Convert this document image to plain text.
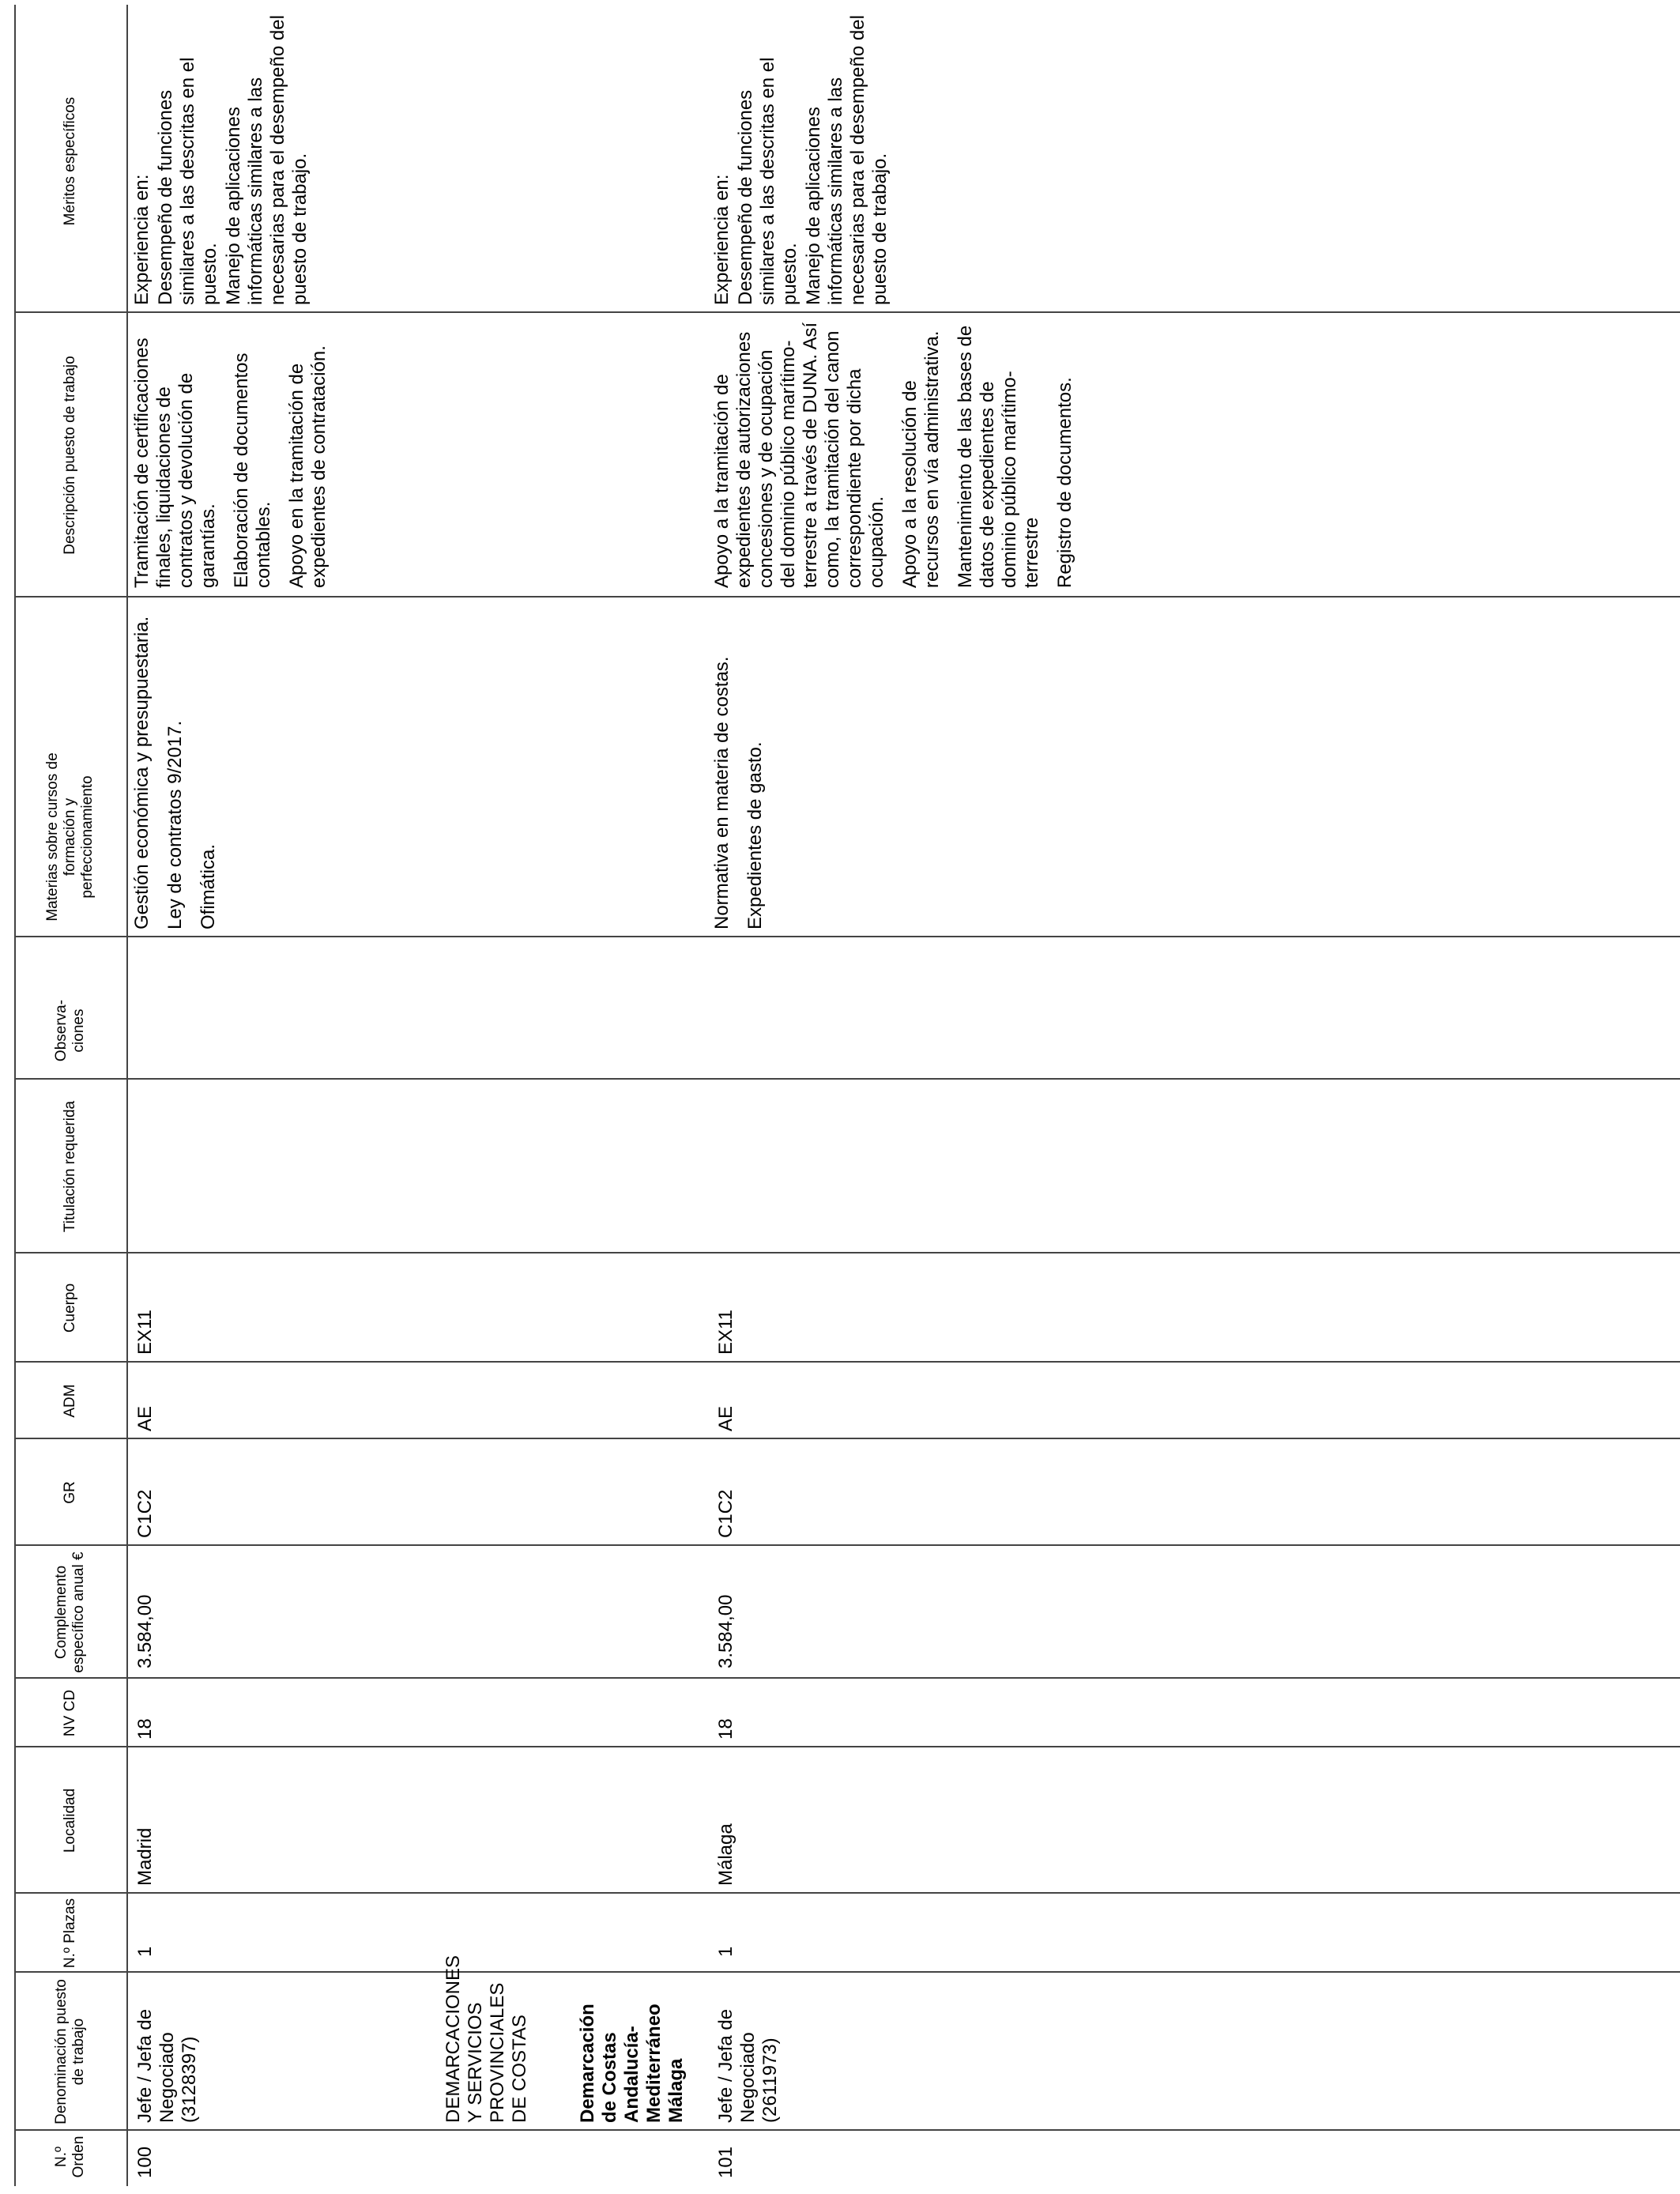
N.º Orden
Denominación puesto de trabajo
N.º Plazas
Localidad
NV CD
Complemento específico anual €
GR
ADM
Cuerpo
Titulación requerida
Observa-ciones
Materias sobre cursos de formación y perfeccionamiento
Descripción puesto de trabajo
Méritos específicos
100
Jefe / Jefa de Negociado (3128397)
1
Madrid
18
3.584,00
C1C2
AE
EX11

Gestión económica y presupuestaria. Ley de contratos 9/2017. Ofimática.

Tramitación de certificaciones finales, liquidaciones de contratos y devolución de garantías. Elaboración de documentos contables. Apoyo en la tramitación de expedientes de contratación.

Experiencia en: Desempeño de funciones similares a las descritas en el puesto. Manejo de aplicaciones informáticas similares a las necesarias para el desempeño del puesto de trabajo.

DEMARCACIONES Y SERVICIOS PROVINCIALES DE COSTAS Demarcación de Costas Andalucía-Mediterráneo Málaga
101
Jefe / Jefa de Negociado (2611973)
1
Málaga
18
3.584,00
C1C2
AE
EX11

Normativa en materia de costas. Expedientes de gasto.

Apoyo a la tramitación de expedientes de autorizaciones concesiones y de ocupación del dominio público marítimo-terrestre a través de DUNA. Así como, la tramitación del canon correspondiente por dicha ocupación. Apoyo a la resolución de recursos en vía administrativa. Mantenimiento de las bases de datos de expedientes de dominio público marítimo-terrestre Registro de documentos.

Experiencia en: Desempeño de funciones similares a las descritas en el puesto. Manejo de aplicaciones informáticas similares a las necesarias para el desempeño del puesto de trabajo.
